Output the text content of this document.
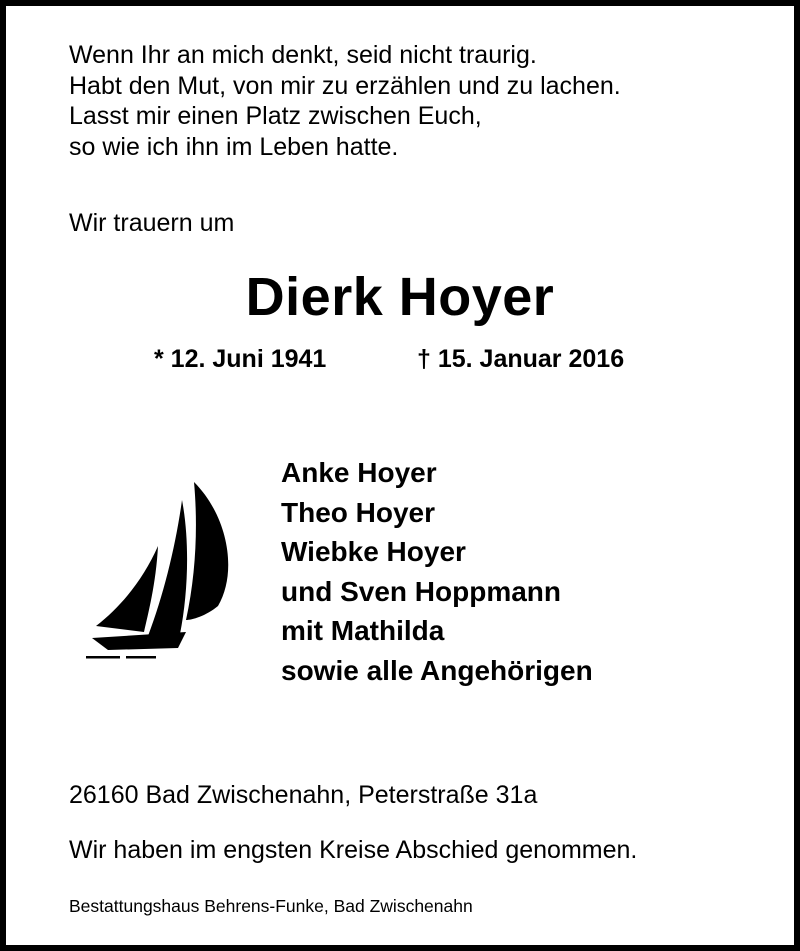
Wenn Ihr an mich denkt, seid nicht traurig.
Habt den Mut, von mir zu erzählen und zu lachen.
Lasst mir einen Platz zwischen Euch,
so wie ich ihn im Leben hatte.
Wir trauern um
Dierk Hoyer
* 12. Juni 1941	† 15. Januar 2016
Anke Hoyer
Theo Hoyer
Wiebke Hoyer
und Sven Hoppmann
mit Mathilda
sowie alle Angehörigen
26160 Bad Zwischenahn, Peterstraße 31a
Wir haben im engsten Kreise Abschied genommen.
Bestattungshaus Behrens-Funke, Bad Zwischenahn
